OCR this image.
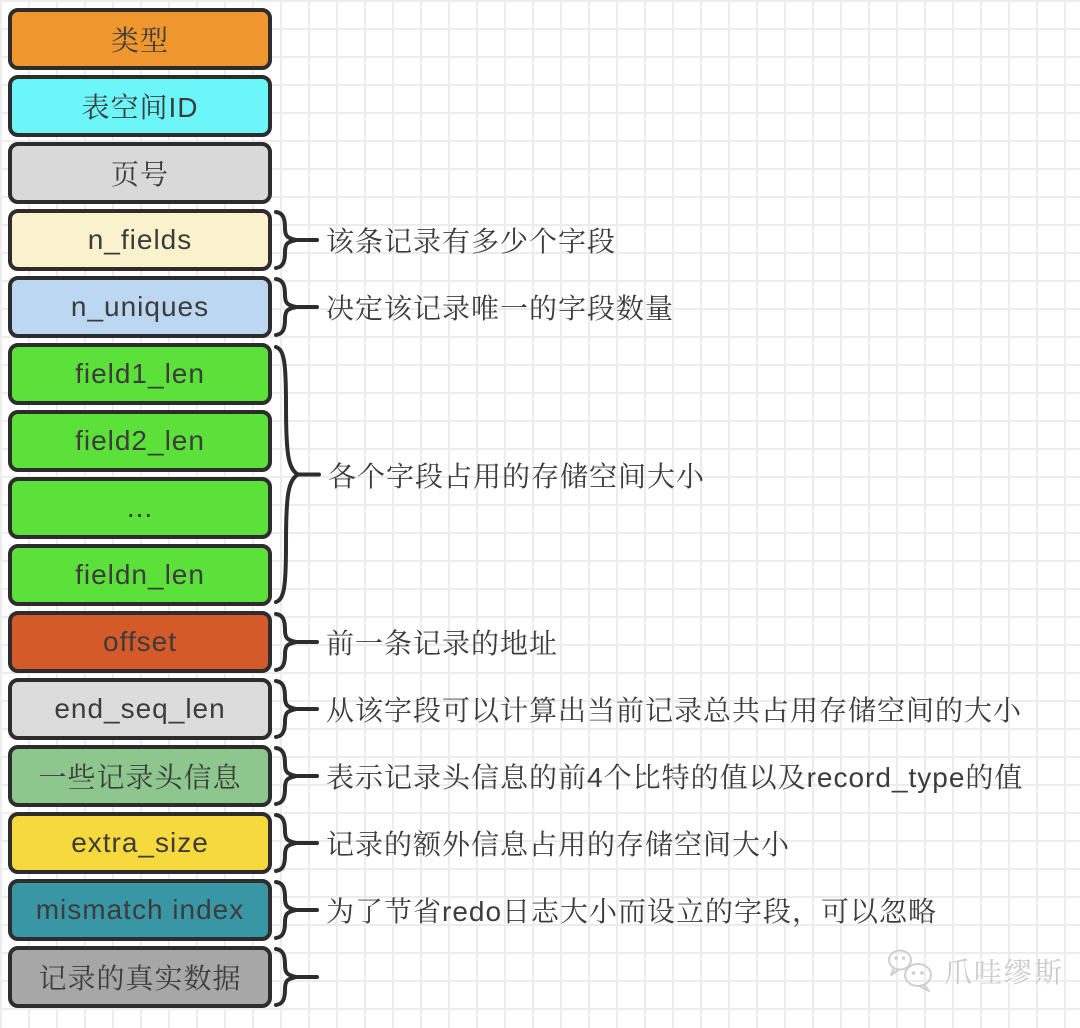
类型
表空间ID
页号
n_fields	该条记录有多少个字段
n_uniques	决定该记录唯一的字段数量
field1_len
field2_len
...
fieldn_len
各个字段占用的存储空间大小
offset	前一条记录的地址
end_seq_len	从该字段可以计算出当前记录总共占用存储空间的大小
一些记录头信息	表示记录头信息的前4个比特的值以及record_type的值
extra_size	记录的额外信息占用的存储空间大小
mismatch index	为了节省redo日志大小而设立的字段，可以忽略
记录的真实数据	爪哇缪斯
